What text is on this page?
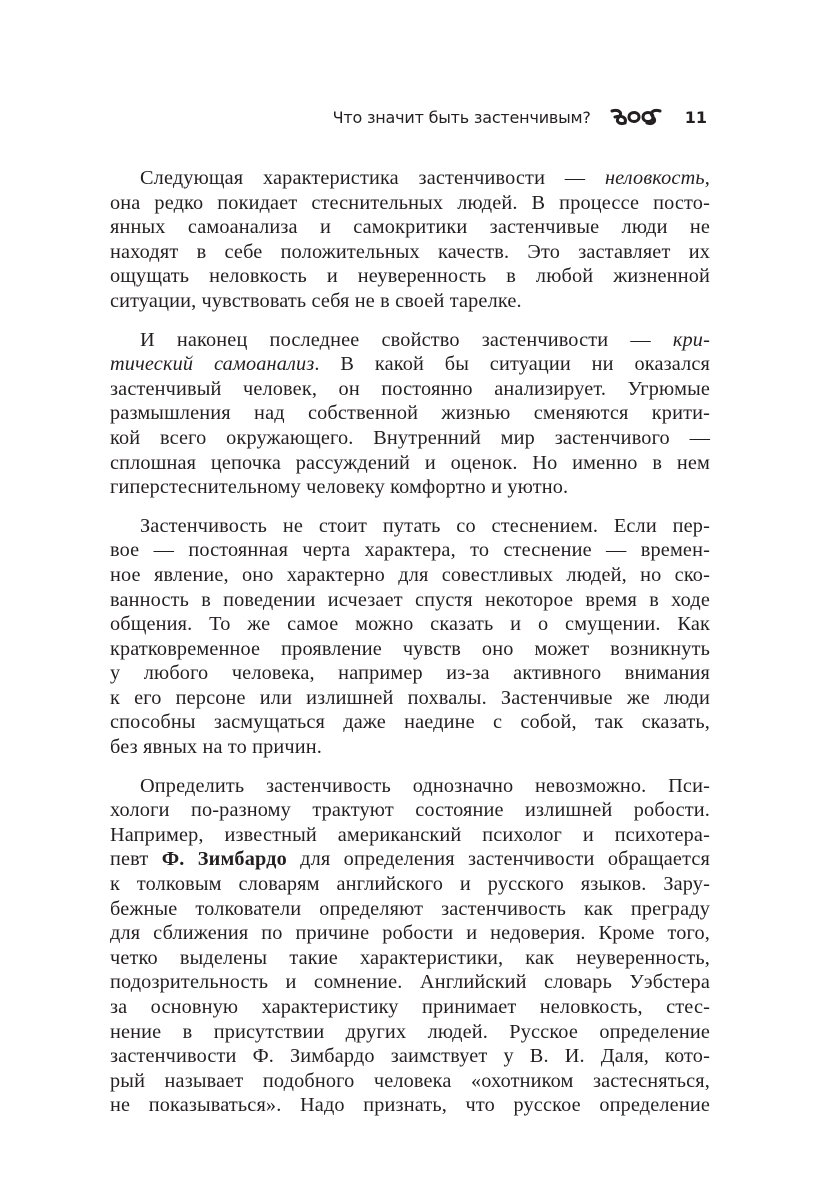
Что значит быть застенчивым?	11
Следующая характеристика застенчивости — неловкость,
она редко покидает стеснительных людей. В процессе посто-
янных самоанализа и самокритики застенчивые люди не
находят в себе положительных качеств. Это заставляет их
ощущать неловкость и неуверенность в любой жизненной
ситуации, чувствовать себя не в своей тарелке.
И наконец последнее свойство застенчивости — кри-
тический самоанализ. В какой бы ситуации ни оказался
застенчивый человек, он постоянно анализирует. Угрюмые
размышления над собственной жизнью сменяются крити-
кой всего окружающего. Внутренний мир застенчивого —
сплошная цепочка рассуждений и оценок. Но именно в нем
гиперстеснительному человеку комфортно и уютно.
Застенчивость не стоит путать со стеснением. Если пер-
вое — постоянная черта характера, то стеснение — времен-
ное явление, оно характерно для совестливых людей, но ско-
ванность в поведении исчезает спустя некоторое время в ходе
общения. То же самое можно сказать и о смущении. Как
кратковременное проявление чувств оно может возникнуть
у любого человека, например из-за активного внимания
к его персоне или излишней похвалы. Застенчивые же люди
способны засмущаться даже наедине с собой, так сказать,
без явных на то причин.
Определить застенчивость однозначно невозможно. Пси-
хологи по-разному трактуют состояние излишней робости.
Например, известный американский психолог и психотера-
певт Ф. Зимбардо для определения застенчивости обращается
к толковым словарям английского и русского языков. Зару-
бежные толкователи определяют застенчивость как преграду
для сближения по причине робости и недоверия. Кроме того,
четко выделены такие характеристики, как неуверенность,
подозрительность и сомнение. Английский словарь Уэбстера
за основную характеристику принимает неловкость, стес-
нение в присутствии других людей. Русское определение
застенчивости Ф. Зимбардо заимствует у В. И. Даля, кото-
рый называет подобного человека «охотником застесняться,
не показываться». Надо признать, что русское определение
